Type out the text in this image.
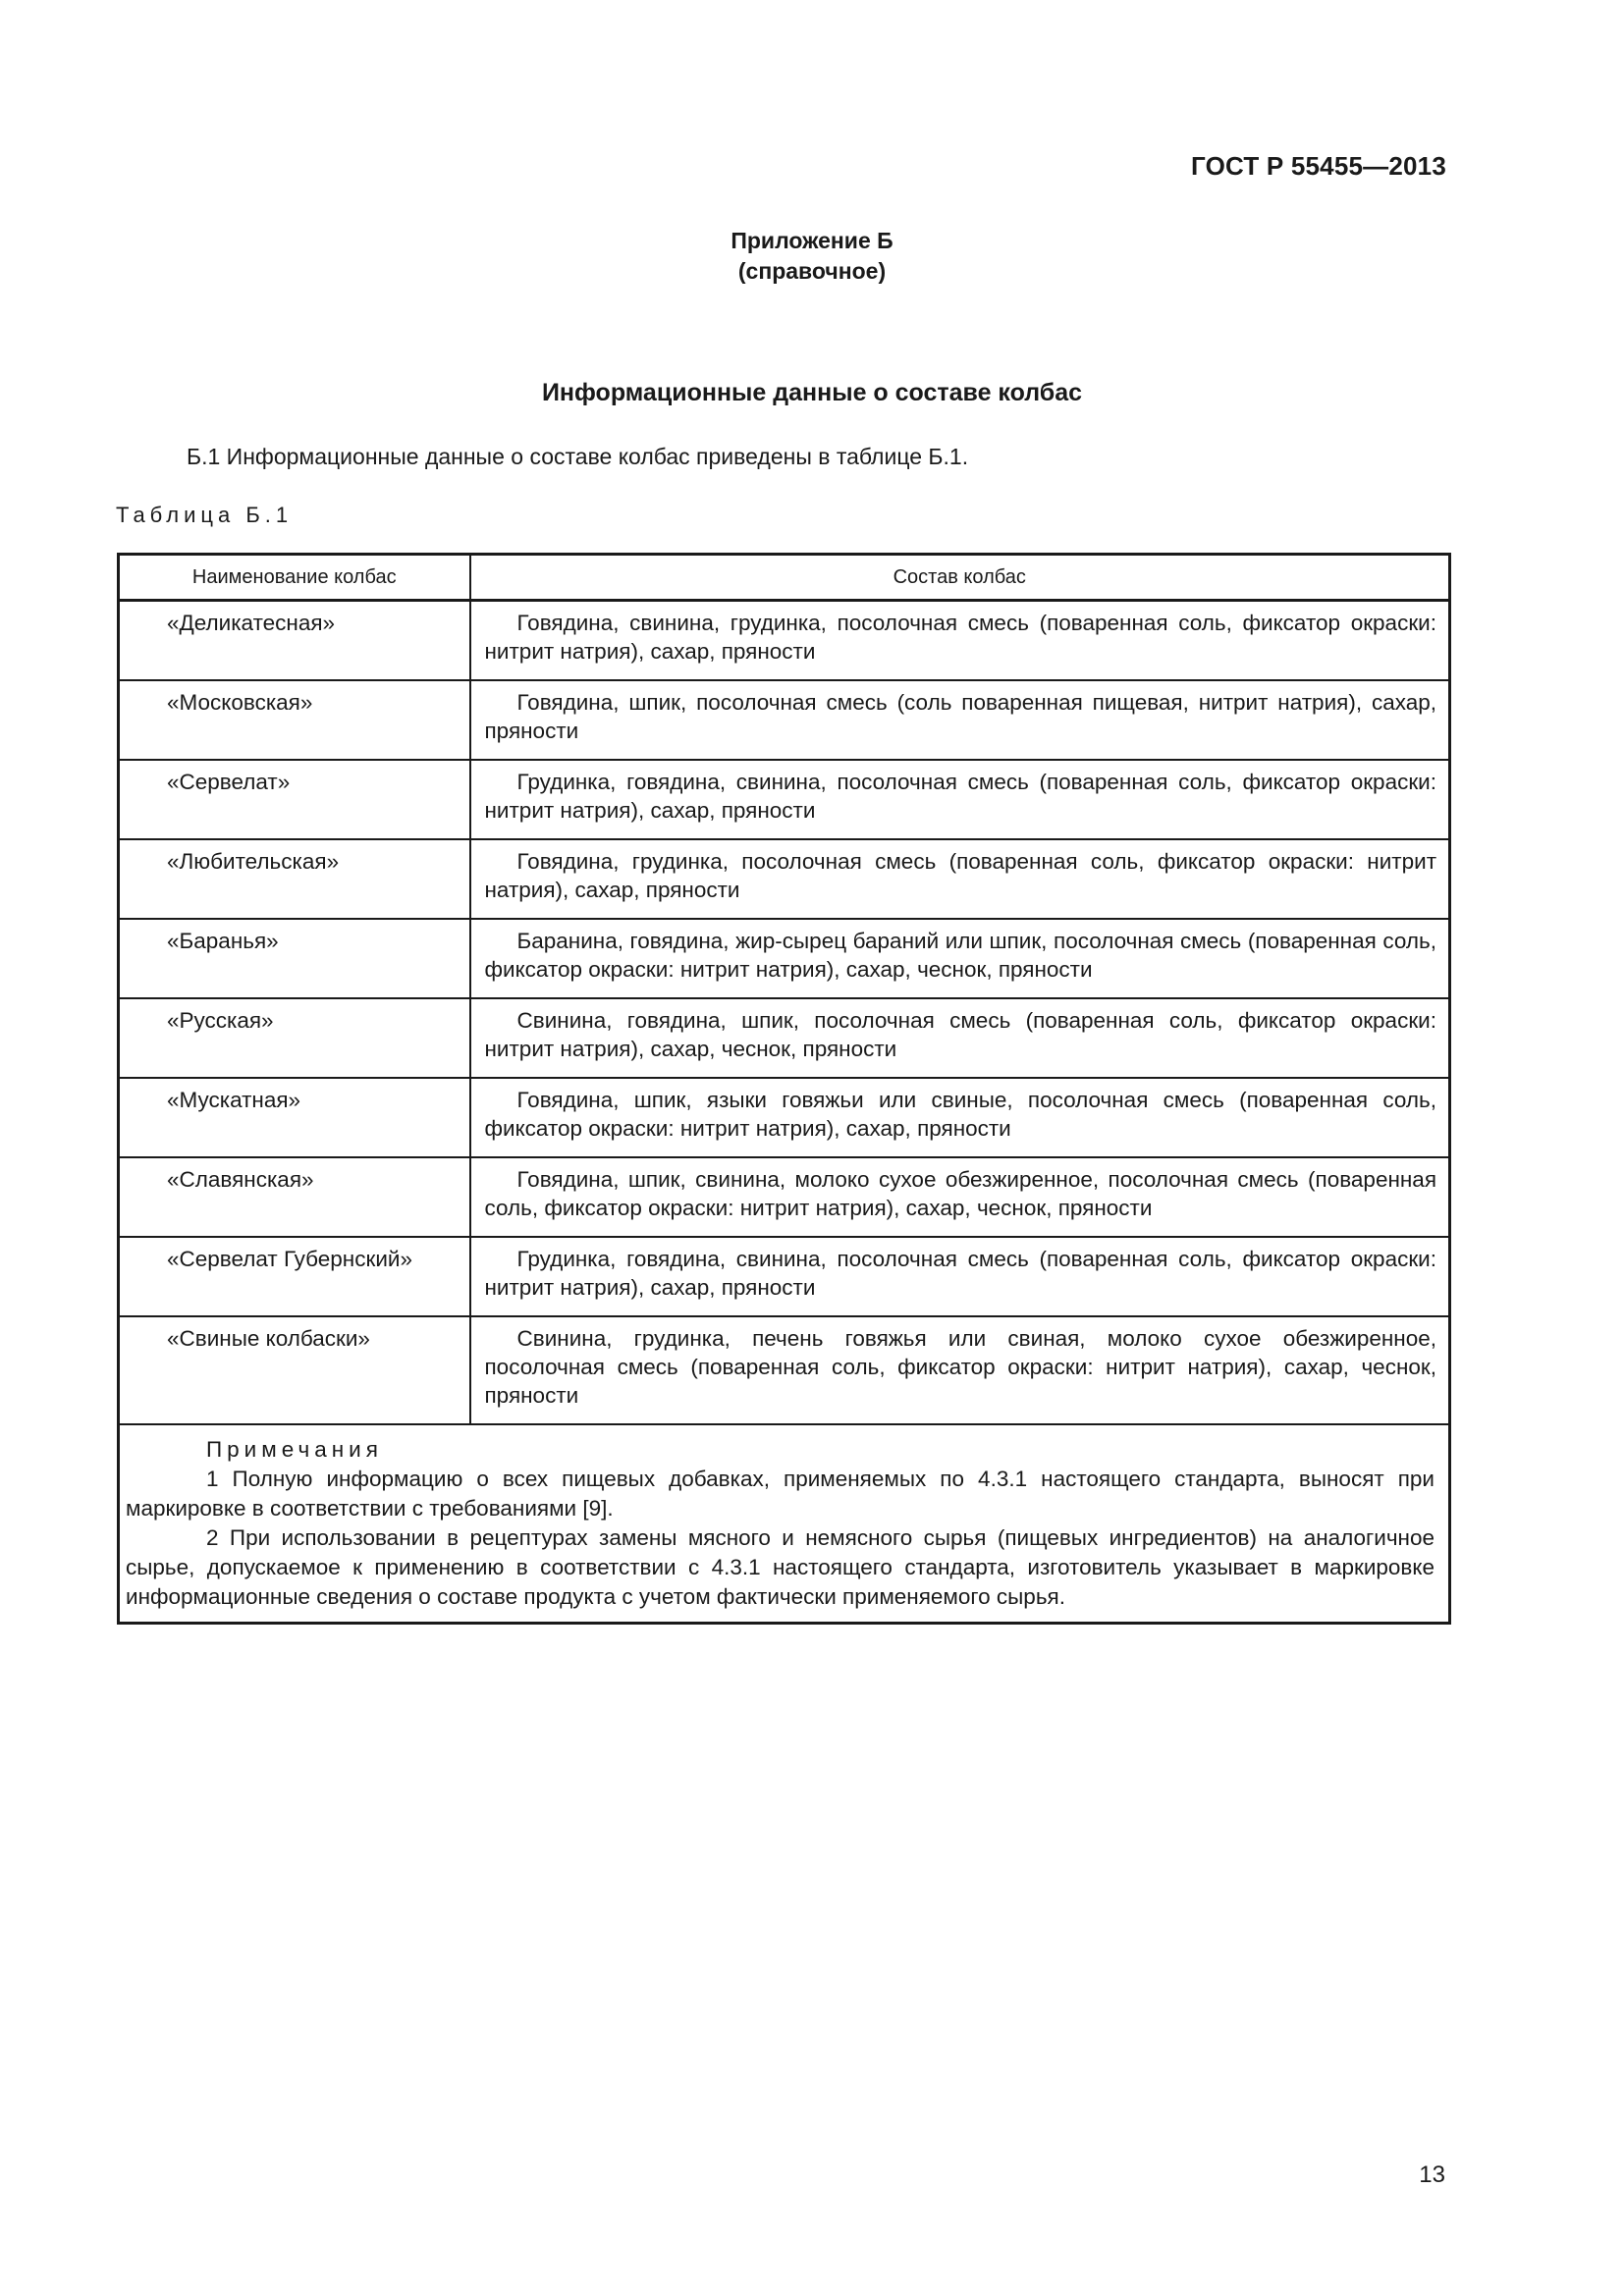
ГОСТ Р 55455—2013
Приложение Б
(справочное)
Информационные данные о составе колбас
Б.1 Информационные данные о составе колбас приведены в таблице Б.1.
Таблица Б.1
Наименование колбас	Состав колбас
«Деликатесная»	Говядина, свинина, грудинка, посолочная смесь (поваренная соль, фиксатор окраски: нитрит натрия), сахар, пряности
«Московская»	Говядина, шпик, посолочная смесь (соль поваренная пищевая, нитрит натрия), сахар, пряности
«Сервелат»	Грудинка, говядина, свинина, посолочная смесь (поваренная соль, фиксатор окраски: нитрит натрия), сахар, пряности
«Любительская»	Говядина, грудинка, посолочная смесь (поваренная соль, фиксатор окраски: нитрит натрия), сахар, пряности
«Баранья»	Баранина, говядина, жир-сырец бараний или шпик, посолочная смесь (поваренная соль, фиксатор окраски: нитрит натрия), сахар, чеснок, пряности
«Русская»	Свинина, говядина, шпик, посолочная смесь (поваренная соль, фиксатор окраски: нитрит натрия), сахар, чеснок, пряности
«Мускатная»	Говядина, шпик, языки говяжьи или свиные, посолочная смесь (поваренная соль, фиксатор окраски: нитрит натрия), сахар, пряности
«Славянская»	Говядина, шпик, свинина, молоко сухое обезжиренное, посолочная смесь (поваренная соль, фиксатор окраски: нитрит натрия), сахар, чеснок, пряности
«Сервелат Губернский»	Грудинка, говядина, свинина, посолочная смесь (поваренная соль, фиксатор окраски: нитрит натрия), сахар, пряности
«Свиные колбаски»	Свинина, грудинка, печень говяжья или свиная, молоко сухое обезжиренное, посолочная смесь (поваренная соль, фиксатор окраски: нитрит натрия), сахар, чеснок, пряности

Примечания
1 Полную информацию о всех пищевых добавках, применяемых по 4.3.1 настоящего стандарта, выносят при маркировке в соответствии с требованиями [9].
2 При использовании в рецептурах замены мясного и немясного сырья (пищевых ингредиентов) на аналогичное сырье, допускаемое к применению в соответствии с 4.3.1 настоящего стандарта, изготовитель указывает в маркировке информационные сведения о составе продукта с учетом фактически применяемого сырья.	
13
